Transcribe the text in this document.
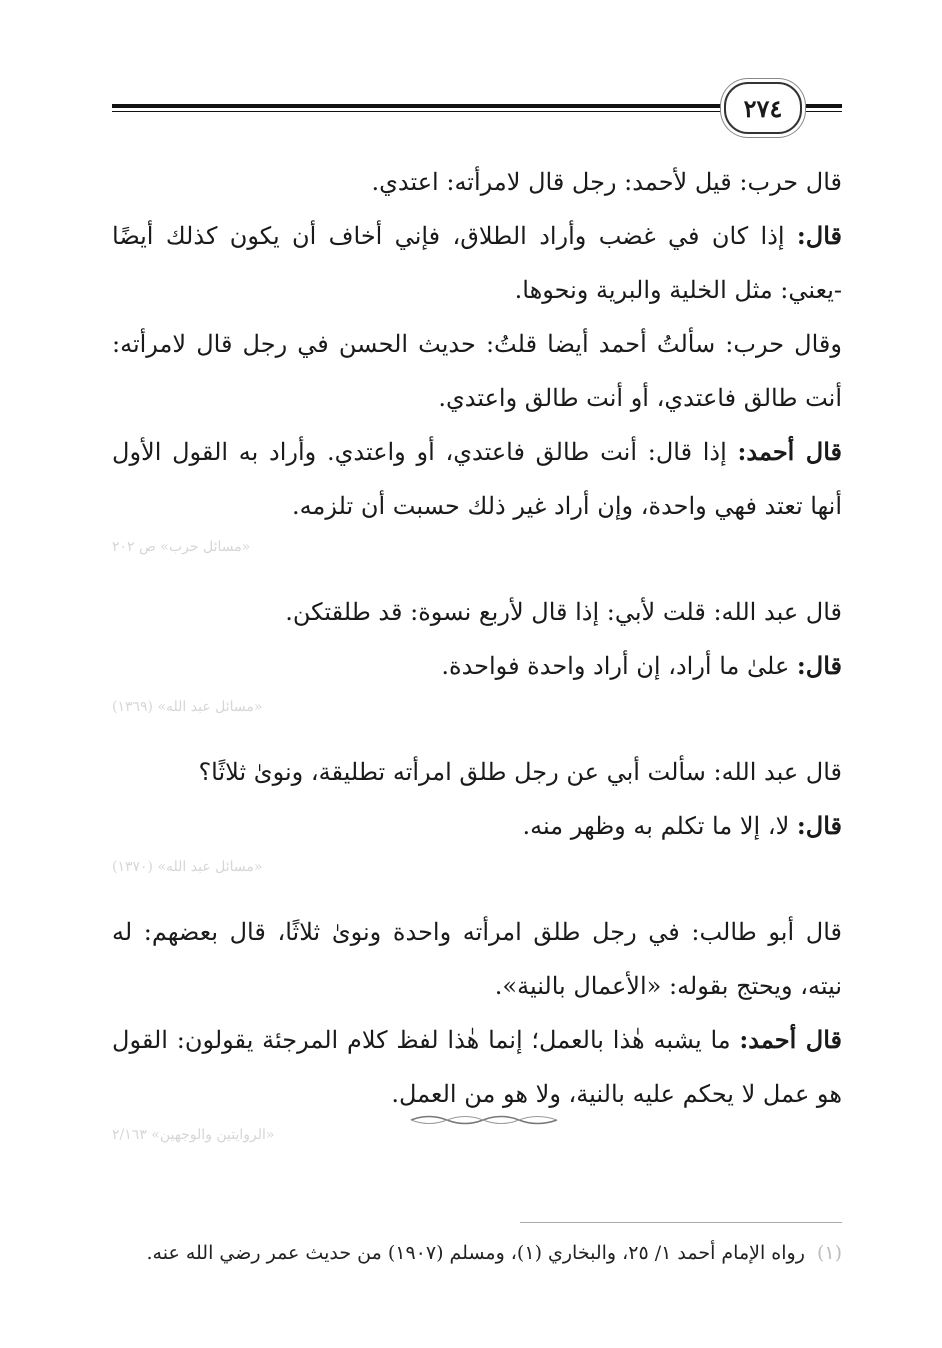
٢٧٤

قال حرب: قيل لأحمد: رجل قال لامرأته: اعتدي.

قال: إذا كان في غضب وأراد الطلاق، فإني أخاف أن يكون كذلك أيضًا -يعني: مثل الخلية والبرية ونحوها.

وقال حرب: سألتُ أحمد أيضا قلتُ: حديث الحسن في رجل قال لامرأته: أنت طالق فاعتدي، أو أنت طالق واعتدي.

قال أحمد: إذا قال: أنت طالق فاعتدي، أو واعتدي. وأراد به القول الأول أنها تعتد فهي واحدة، وإن أراد غير ذلك حسبت أن تلزمه.

«مسائل حرب» ص ٢٠٢

قال عبد الله: قلت لأبي: إذا قال لأربع نسوة: قد طلقتكن.

قال: علىٰ ما أراد، إن أراد واحدة فواحدة.

«مسائل عبد الله» (١٣٦٩)

قال عبد الله: سألت أبي عن رجل طلق امرأته تطليقة، ونوىٰ ثلاثًا؟

قال: لا، إلا ما تكلم به وظهر منه.

«مسائل عبد الله» (١٣٧٠)

قال أبو طالب: في رجل طلق امرأته واحدة ونوىٰ ثلاثًا، قال بعضهم: له نيته، ويحتج بقوله: «الأعمال بالنية».

قال أحمد: ما يشبه هٰذا بالعمل؛ إنما هٰذا لفظ كلام المرجئة يقولون: القول هو عمل لا يحكم عليه بالنية، ولا هو من العمل.

«الروايتين والوجهين» ٢/١٦٣
(١) رواه الإمام أحمد ١/ ٢٥، والبخاري (١)، ومسلم (١٩٠٧) من حديث عمر رضي الله عنه.
